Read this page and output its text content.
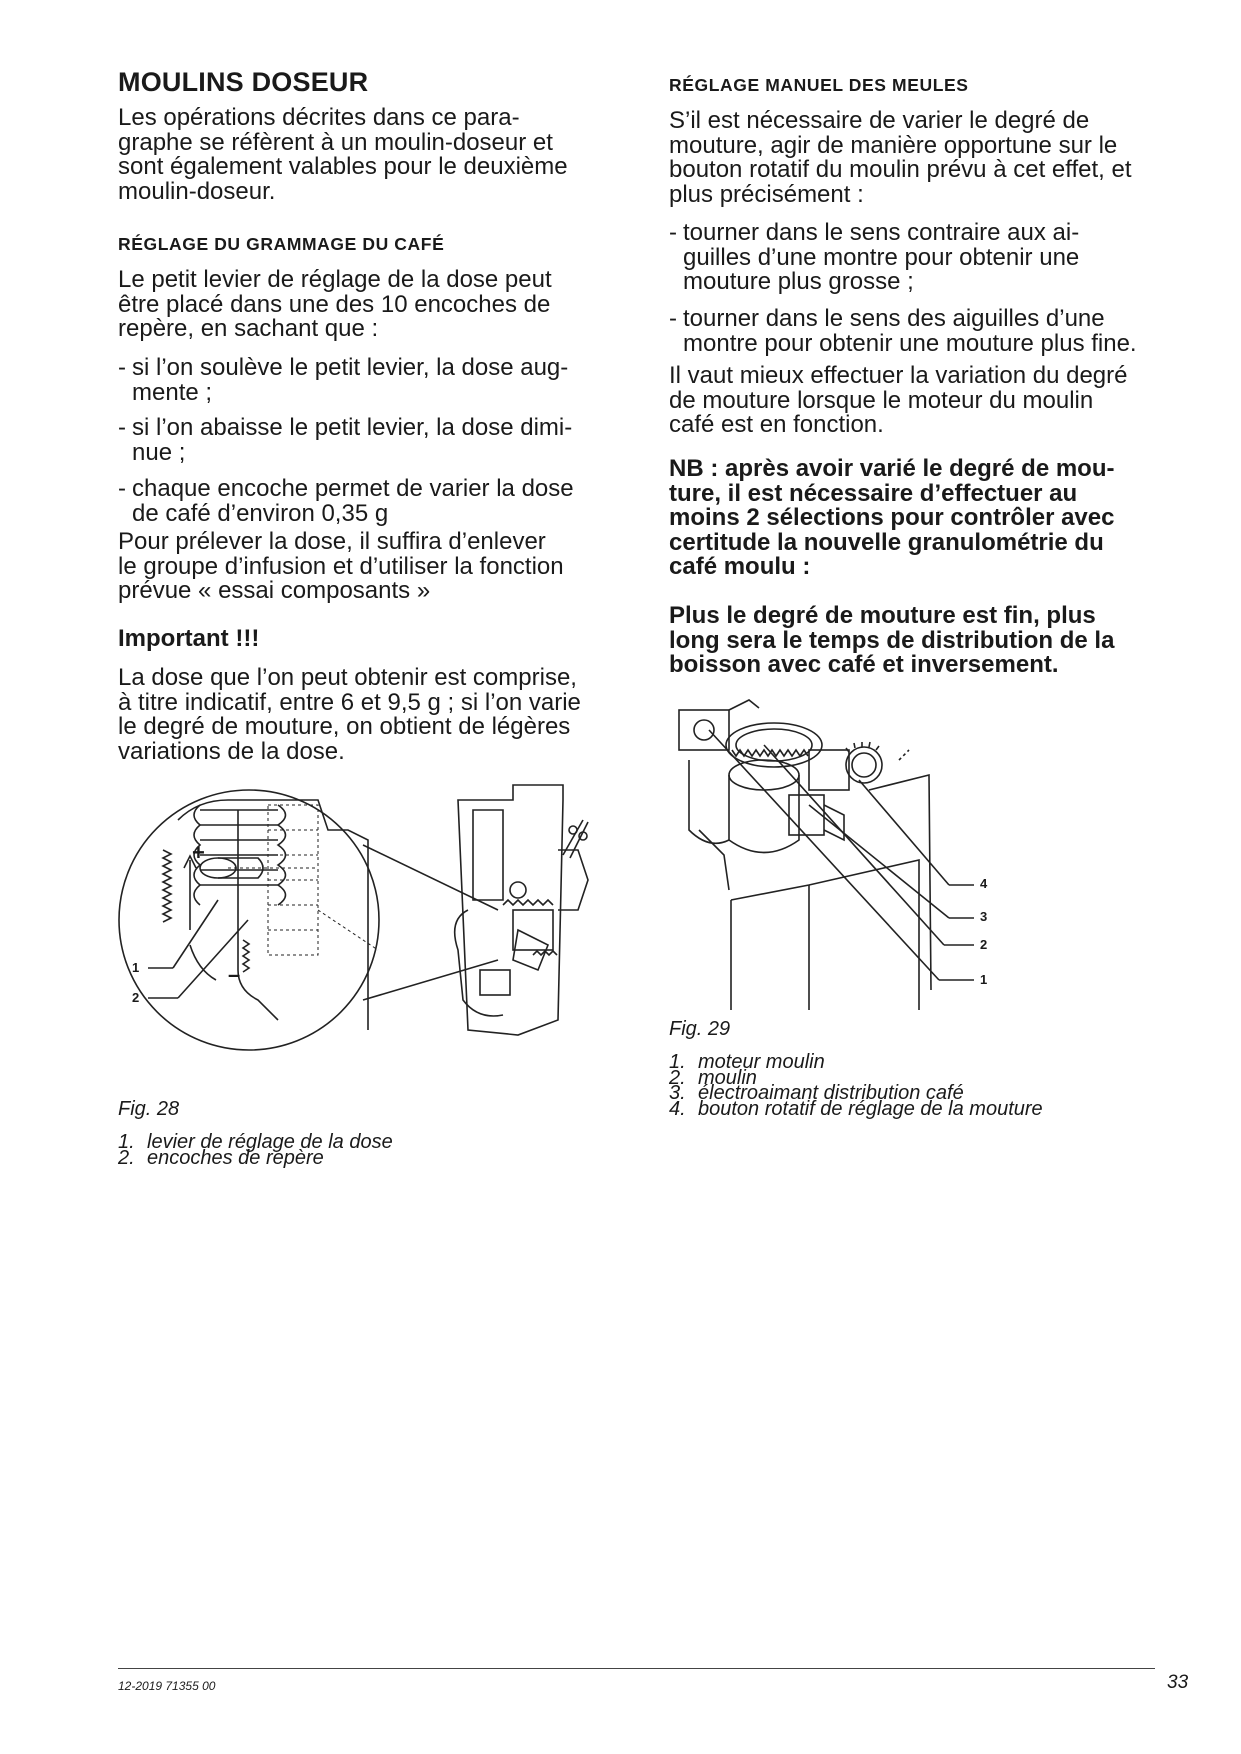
MOULINS DOSEUR
Les opérations décrites dans ce para-
graphe se réfèrent à un moulin-doseur et
sont également valables pour le deuxième
moulin-doseur.
RÉGLAGE DU GRAMMAGE DU CAFÉ
Le petit levier de réglage de la dose peut
être placé dans une des 10 encoches de
repère, en sachant que :
- si l’on soulève le petit levier, la dose aug-
mente ;
- si l’on abaisse le petit levier, la dose dimi-
nue ;
- chaque encoche permet de varier la dose
de café d’environ 0,35 g
Pour prélever la dose, il suffira d’enlever
le groupe d’infusion et d’utiliser la fonction
prévue « essai composants »
Important !!!
La dose que l’on peut obtenir est comprise,
à titre indicatif, entre 6 et 9,5 g ; si l’on varie
le degré de mouture, on obtient de légères
variations de la dose.
1
2
+
–
Fig. 28
1. levier de réglage de la dose
2. encoches de repère
RÉGLAGE MANUEL DES MEULES
S’il est nécessaire de varier le degré de
mouture, agir de manière opportune sur le
bouton rotatif du moulin prévu à cet effet, et
plus précisément :
- tourner dans le sens contraire aux ai-
guilles d’une montre pour obtenir une
mouture plus grosse ;
- tourner dans le sens des aiguilles d’une
montre pour obtenir une mouture plus fine.
Il vaut mieux effectuer la variation du degré
de mouture lorsque le moteur du moulin
café est en fonction.
NB : après avoir varié le degré de mou-
ture, il est nécessaire d’effectuer au
moins 2 sélections pour contrôler avec
certitude la nouvelle granulométrie du
café moulu :
Plus le degré de mouture est fin, plus
long sera le temps de distribution de la
boisson avec café et inversement.
4
3
2
1
Fig. 29
1. moteur moulin
2. moulin
3. électroaimant distribution café
4. bouton rotatif de réglage de la mouture
12-2019 71355 00	33
